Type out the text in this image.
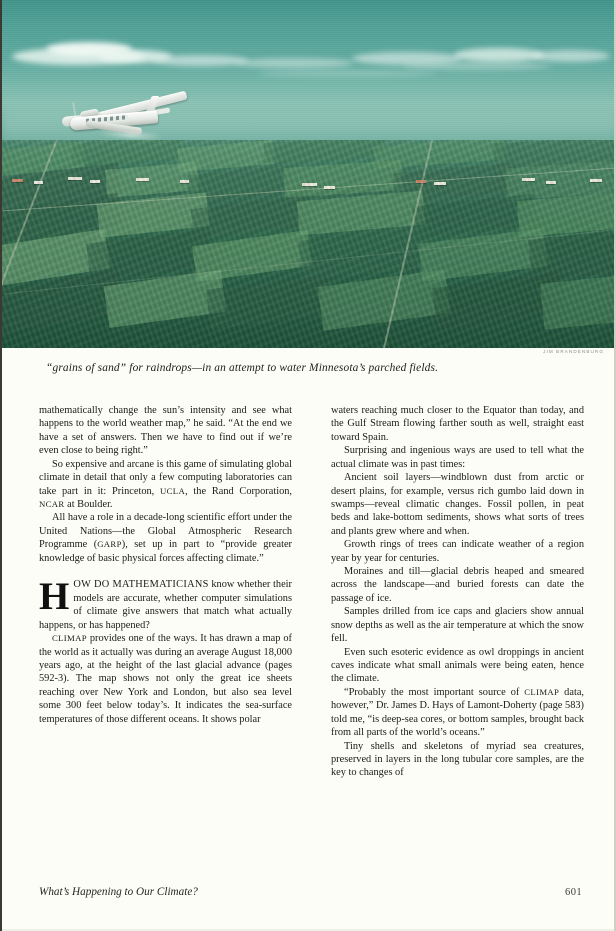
JIM BRANDENBURG
“grains of sand” for raindrops—in an attempt to water Minnesota’s parched fields.

mathematically change the sun’s intensity and see what happens to the world weather map,” he said. “At the end we have a set of answers. Then we have to find out if we’re even close to being right.”

So expensive and arcane is this game of simulating global climate in detail that only a few computing laboratories can take part in it: Princeton, UCLA, the Rand Corporation, NCAR at Boulder.

All have a role in a decade-long scientific effort under the United Nations—the Global Atmospheric Research Programme (GARP), set up in part to “provide greater knowledge of basic physical forces affecting climate.”

HOW DO MATHEMATICIANS know whether their models are accurate, whether computer simulations of climate give answers that match what actually happens, or has happened?

CLIMAP provides one of the ways. It has drawn a map of the world as it actually was during an average August 18,000 years ago, at the height of the last glacial advance (pages 592-3). The map shows not only the great ice sheets reaching over New York and London, but also sea level some 300 feet below today’s. It indicates the sea-surface temperatures of those different oceans. It shows polar

waters reaching much closer to the Equator than today, and the Gulf Stream flowing farther south as well, straight east toward Spain.

Surprising and ingenious ways are used to tell what the actual climate was in past times:

Ancient soil layers—windblown dust from arctic or desert plains, for example, versus rich gumbo laid down in swamps—reveal climatic changes. Fossil pollen, in peat beds and lake-bottom sediments, shows what sorts of trees and plants grew where and when.

Growth rings of trees can indicate weather of a region year by year for centuries.

Moraines and till—glacial debris heaped and smeared across the landscape—and buried forests can date the passage of ice.

Samples drilled from ice caps and glaciers show annual snow depths as well as the air temperature at which the snow fell.

Even such esoteric evidence as owl droppings in ancient caves indicate what small animals were being eaten, hence the climate.

“Probably the most important source of CLIMAP data, however,” Dr. James D. Hays of Lamont-Doherty (page 583) told me, “is deep-sea cores, or bottom samples, brought back from all parts of the world’s oceans.”

Tiny shells and skeletons of myriad sea creatures, preserved in layers in the long tubular core samples, are the key to changes of

What’s Happening to Our Climate?	601
